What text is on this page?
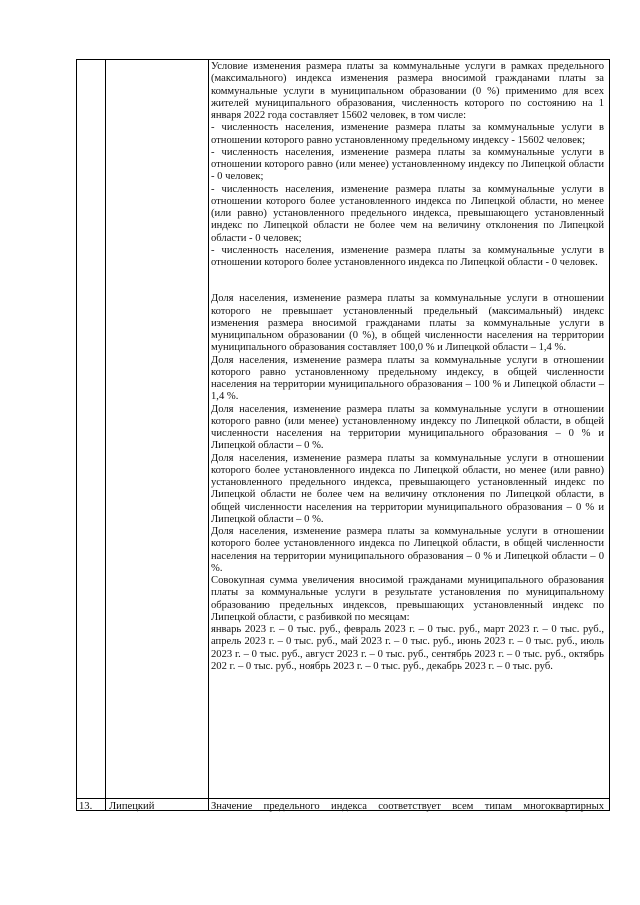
Условие изменения размера платы за коммунальные услуги в рамках предельного (максимального) индекса изменения размера вносимой гражданами платы за коммунальные услуги в муниципальном образовании (0 %) применимо для всех жителей муниципального образования, численность которого по состоянию на 1 января 2022 года составляет 15602 человек, в том числе:

- численность населения, изменение размера платы за коммунальные услуги в отношении которого равно установленному предельному индексу - 15602 человек;

- численность населения, изменение размера платы за коммунальные услуги в отношении которого равно (или менее) установленному индексу по Липецкой области - 0 человек;

- численность населения, изменение размера платы за коммунальные услуги в отношении которого более установленного индекса по Липецкой области, но менее (или равно) установленного предельного индекса, превышающего установленный индекс по Липецкой области не более чем на величину отклонения по Липецкой области - 0 человек;

- численность населения, изменение размера платы за коммунальные услуги в отношении которого более установленного индекса по Липецкой области - 0 человек.

Доля населения, изменение размера платы за коммунальные услуги в отношении которого не превышает установленный предельный (максимальный) индекс изменения размера вносимой гражданами платы за коммунальные услуги в муниципальном образовании (0 %), в общей численности населения на территории муниципального образования составляет 100,0 % и Липецкой области – 1,4 %.

Доля населения, изменение размера платы за коммунальные услуги в отношении которого равно установленному предельному индексу, в общей численности населения на территории муниципального образования – 100 % и Липецкой области – 1,4 %.

Доля населения, изменение размера платы за коммунальные услуги в отношении которого равно (или менее) установленному индексу по Липецкой области, в общей численности населения на территории муниципального образования – 0 % и Липецкой области – 0 %.

Доля населения, изменение размера платы за коммунальные услуги в отношении которого более установленного индекса по Липецкой области, но менее (или равно) установленного предельного индекса, превышающего установленный индекс по Липецкой области не более чем на величину отклонения по Липецкой области, в общей численности населения на территории муниципального образования – 0 % и Липецкой области – 0 %.

Доля населения, изменение размера платы за коммунальные услуги в отношении которого более установленного индекса по Липецкой области, в общей численности населения на территории муниципального образования – 0 % и Липецкой области – 0 %.

Совокупная сумма увеличения вносимой гражданами муниципального образования платы за коммунальные услуги в результате установления по муниципальному образованию предельных индексов, превышающих установленный индекс по Липецкой области, с разбивкой по месяцам:

январь 2023 г. – 0 тыс. руб., февраль 2023 г. – 0 тыс. руб., март 2023 г. – 0 тыс. руб., апрель 2023 г. – 0 тыс. руб., май 2023 г. – 0 тыс. руб., июнь 2023 г. – 0 тыс. руб., июль 2023 г. – 0 тыс. руб., август 2023 г. – 0 тыс. руб., сентябрь 2023 г. – 0 тыс. руб., октябрь 202 г. – 0 тыс. руб., ноябрь 2023 г. – 0 тыс. руб., декабрь 2023 г. – 0 тыс. руб.

13. Липецкий	Значение предельного индекса соответствует всем типам многоквартирных
